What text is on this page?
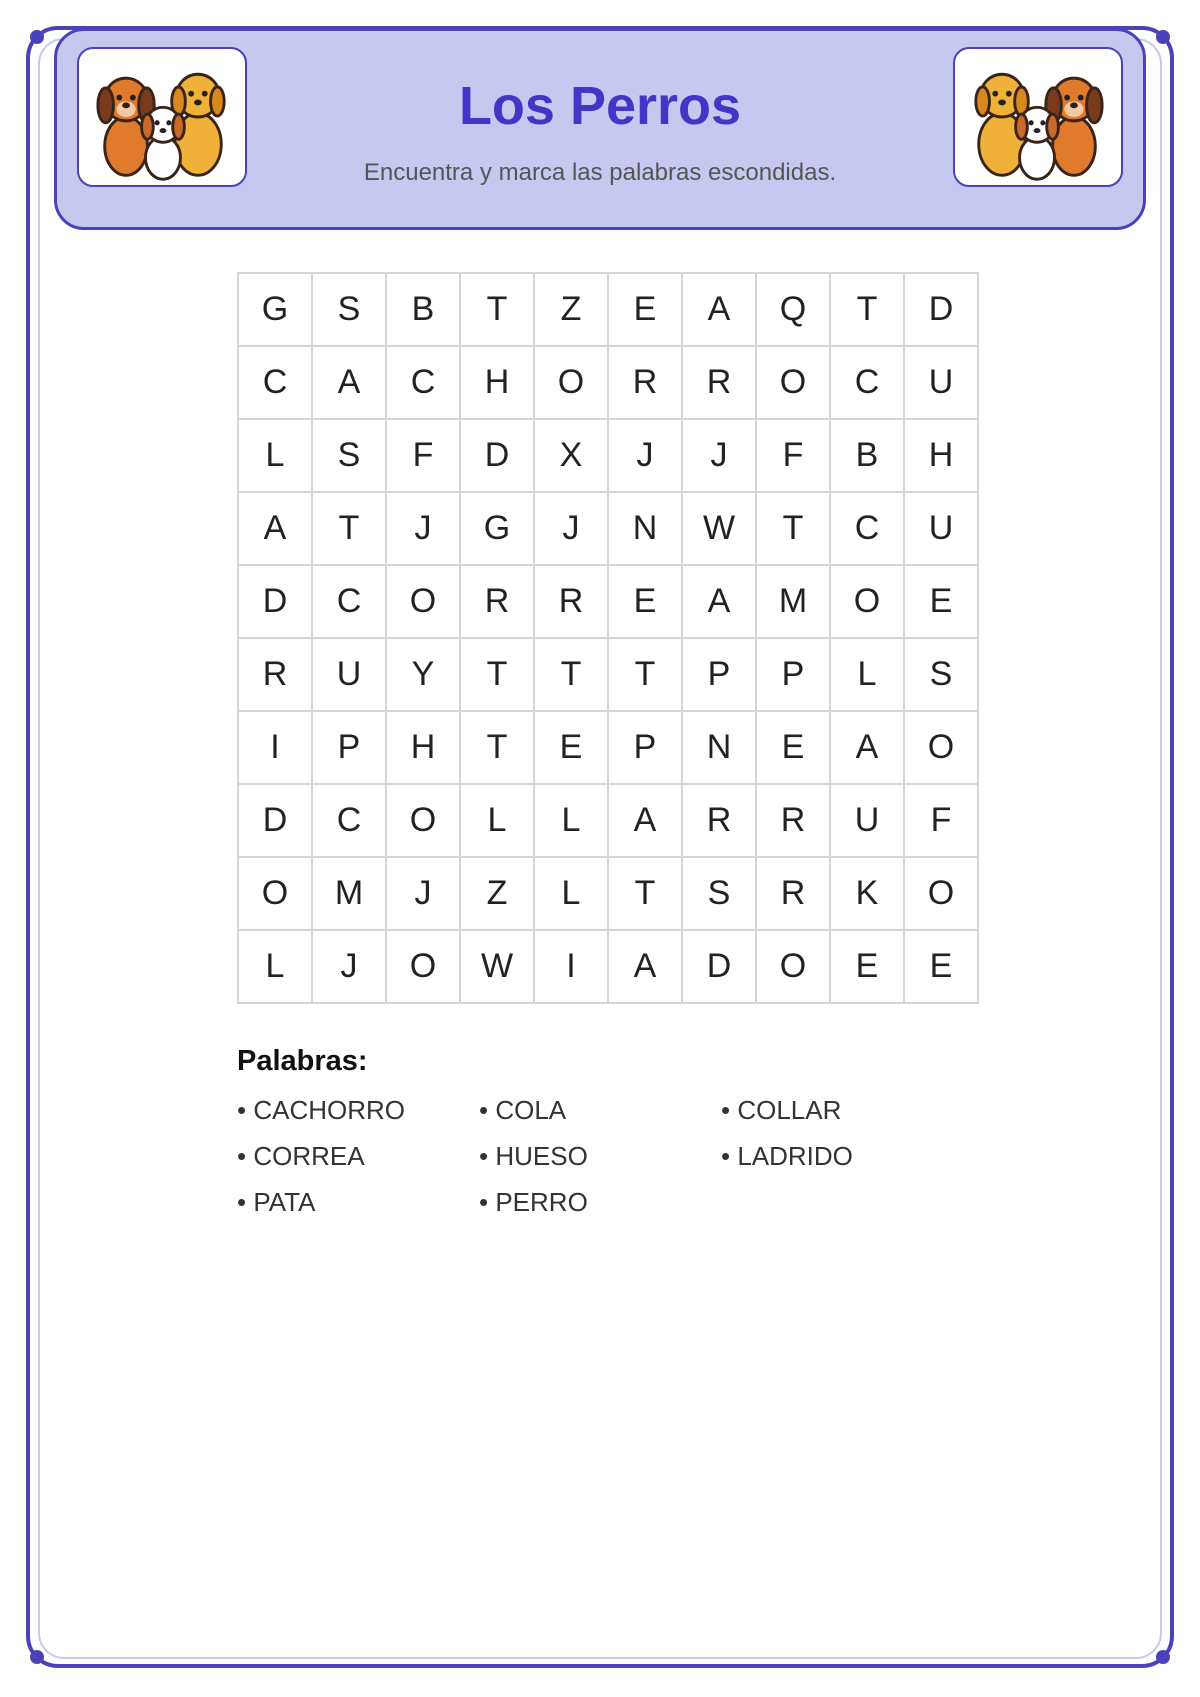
Los Perros
Encuentra y marca las palabras escondidas.
G	S	B	T	Z	E	A	Q	T	D
C	A	C	H	O	R	R	O	C	U
L	S	F	D	X	J	J	F	B	H
A	T	J	G	J	N	W	T	C	U
D	C	O	R	R	E	A	M	O	E
R	U	Y	T	T	T	P	P	L	S
I	P	H	T	E	P	N	E	A	O
D	C	O	L	L	A	R	R	U	F
O	M	J	Z	L	T	S	R	K	O
L	J	O	W	I	A	D	O	E	E
Palabras:
• CACHORRO	• COLA	• COLLAR
• CORREA	• HUESO	• LADRIDO
• PATA	• PERRO
